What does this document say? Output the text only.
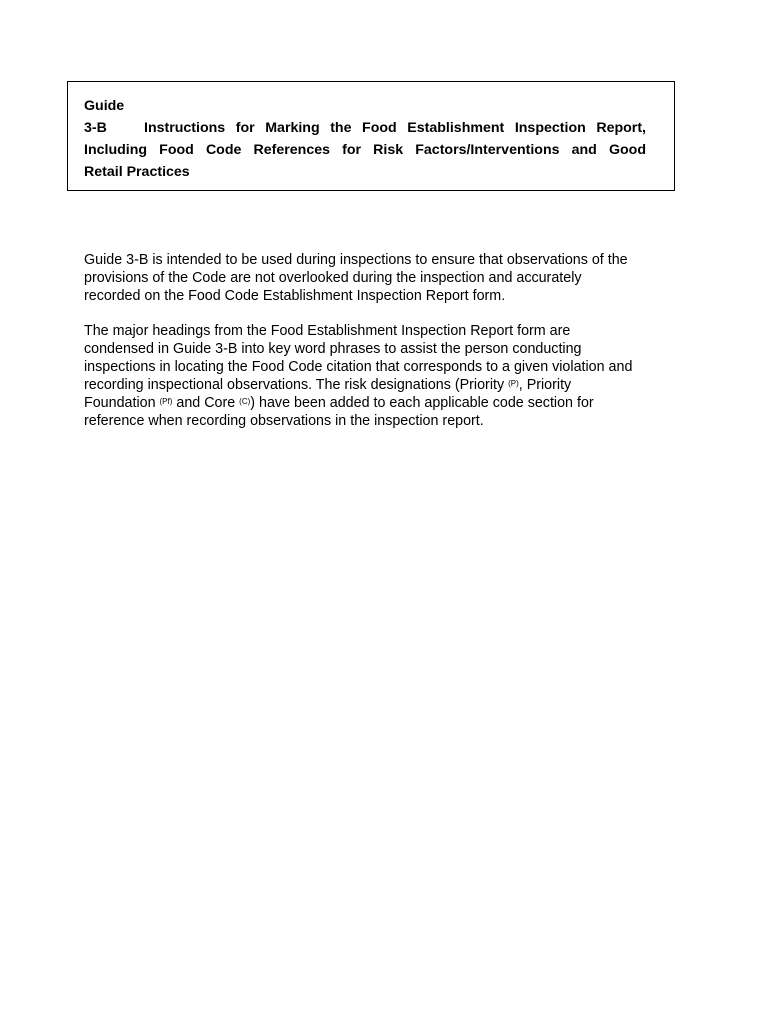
Guide
3-B	Instructions for Marking the Food Establishment Inspection Report,
Including Food Code References for Risk Factors/Interventions and Good
Retail Practices
Guide 3-B is intended to be used during inspections to ensure that observations of the
provisions of the Code are not overlooked during the inspection and accurately
recorded on the Food Code Establishment Inspection Report form.
The major headings from the Food Establishment Inspection Report form are
condensed in Guide 3-B into key word phrases to assist the person conducting
inspections in locating the Food Code citation that corresponds to a given violation and
recording inspectional observations. The risk designations (Priority $^{(P)}$, Priority
Foundation $^{(Pf)}$ and Core $^{(C)}$) have been added to each applicable code section for
reference when recording observations in the inspection report.
